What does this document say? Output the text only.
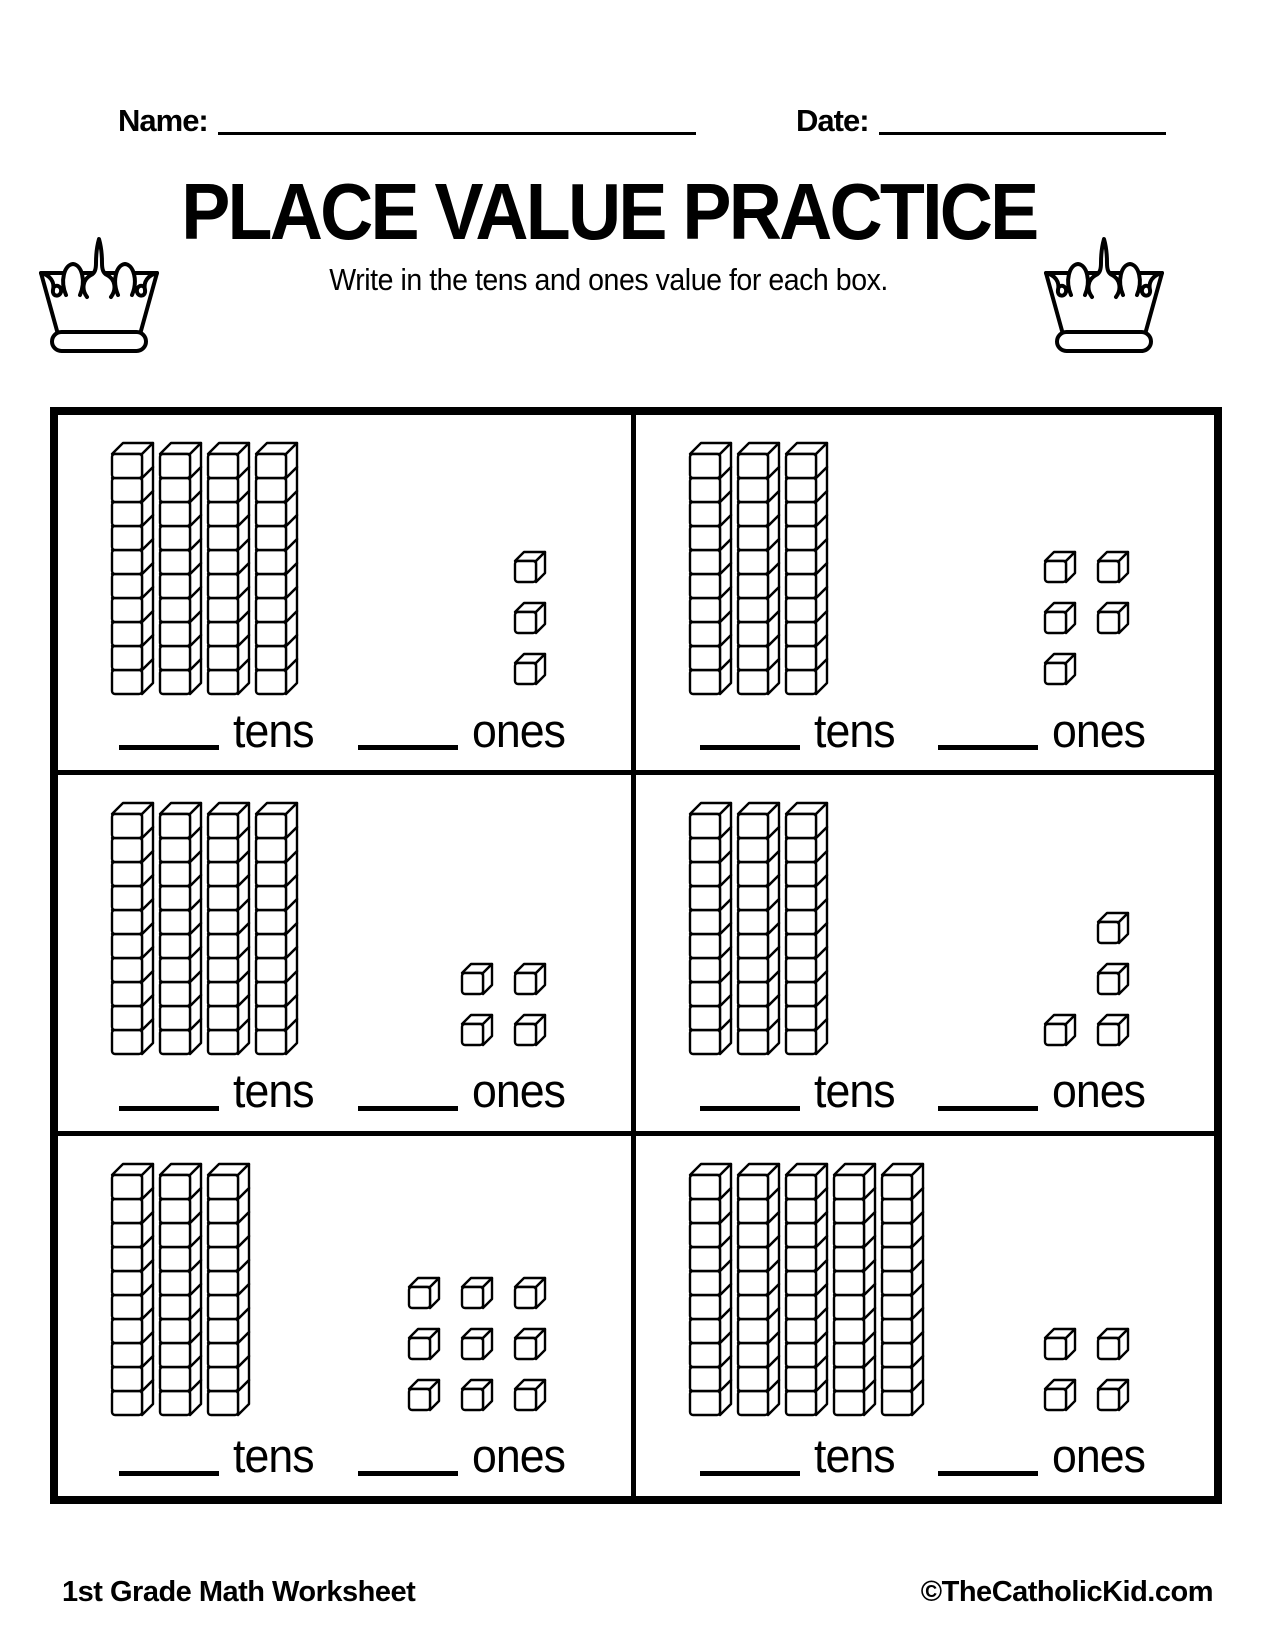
Name:	Date:
PLACE VALUE PRACTICE

Write in the tens and ones value for each box.

tens	ones	tens	ones
tens	ones	tens	ones
tens	ones	tens	ones
1st Grade Math Worksheet	©TheCatholicKid.com
